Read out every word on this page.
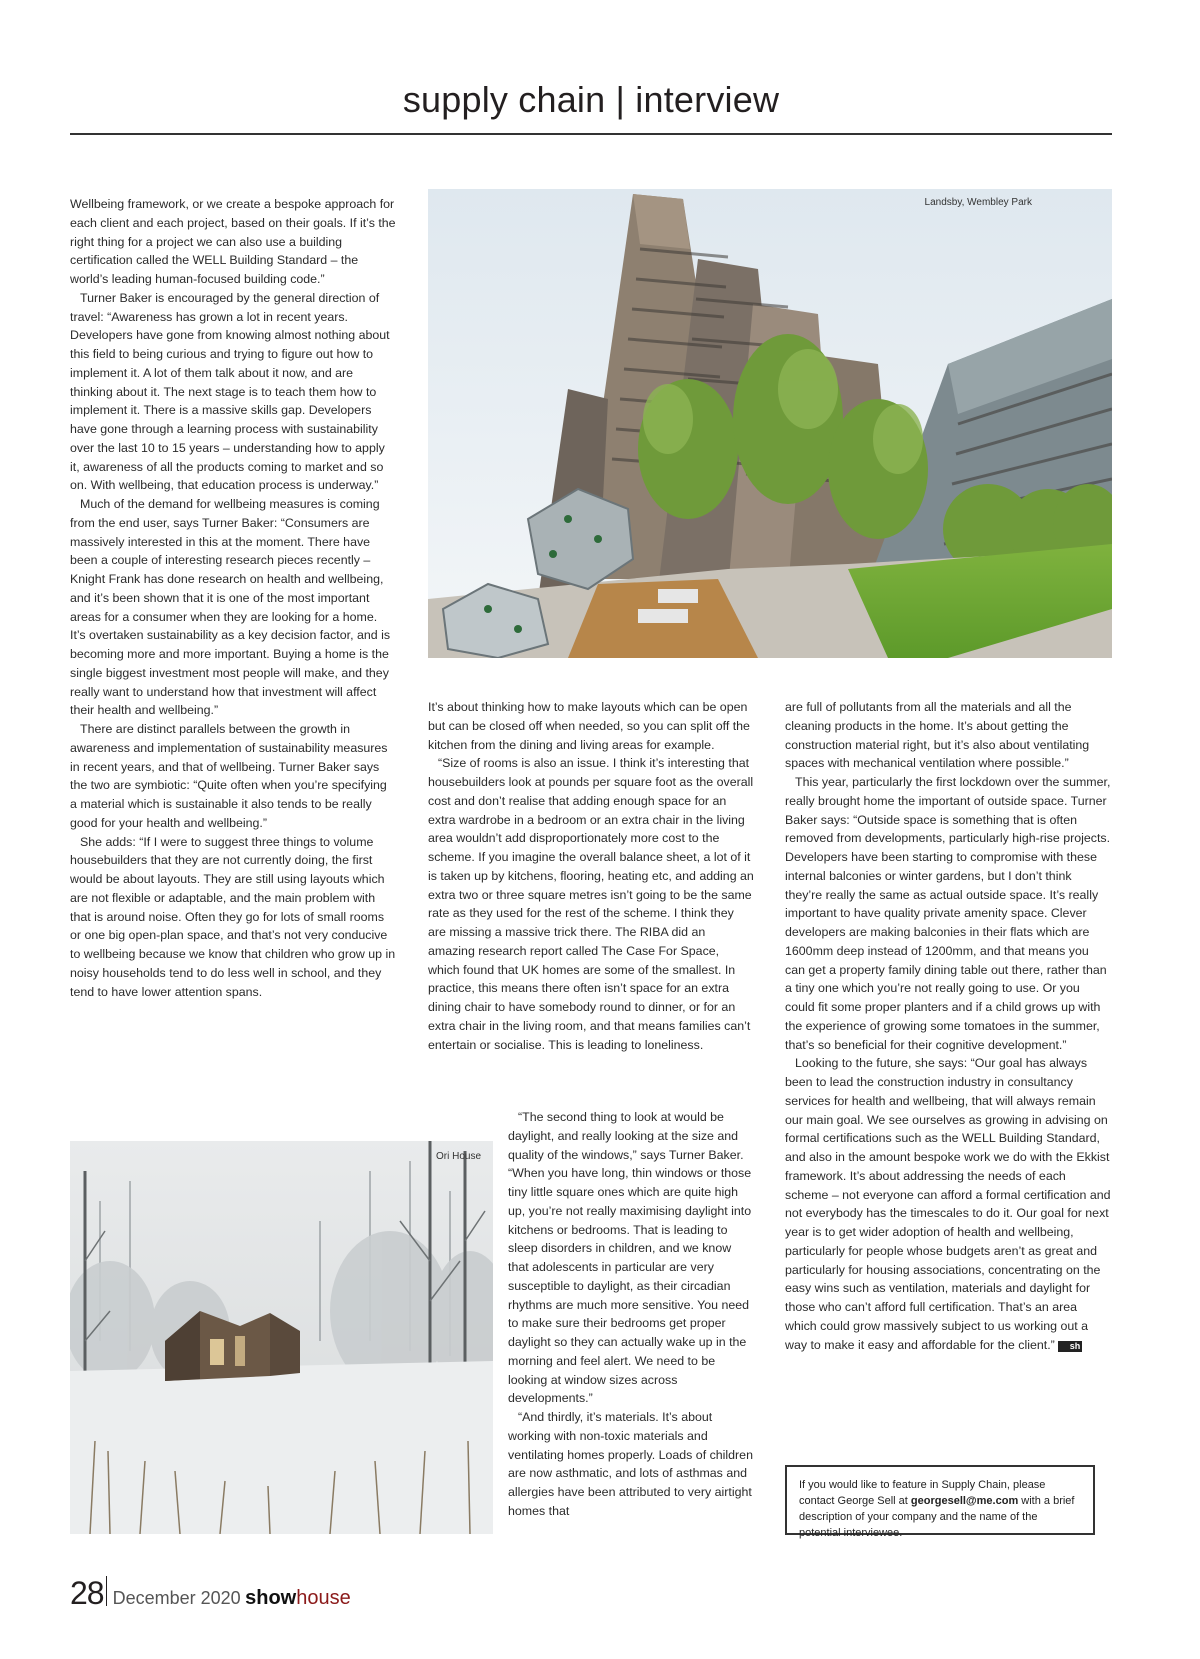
supply chain | interview

Wellbeing framework, or we create a bespoke approach for each client and each project, based on their goals. If it’s the right thing for a project we can also use a building certification called the WELL Building Standard – the world’s leading human-focused building code.”

Turner Baker is encouraged by the general direction of travel: “Awareness has grown a lot in recent years. Developers have gone from knowing almost nothing about this field to being curious and trying to figure out how to implement it. A lot of them talk about it now, and are thinking about it. The next stage is to teach them how to implement it. There is a massive skills gap. Developers have gone through a learning process with sustainability over the last 10 to 15 years – understanding how to apply it, awareness of all the products coming to market and so on. With wellbeing, that education process is underway.”

Much of the demand for wellbeing measures is coming from the end user, says Turner Baker: “Consumers are massively interested in this at the moment. There have been a couple of interesting research pieces recently – Knight Frank has done research on health and wellbeing, and it’s been shown that it is one of the most important areas for a consumer when they are looking for a home. It’s overtaken sustainability as a key decision factor, and is becoming more and more important. Buying a home is the single biggest investment most people will make, and they really want to understand how that investment will affect their health and wellbeing.”

There are distinct parallels between the growth in awareness and implementation of sustainability measures in recent years, and that of wellbeing. Turner Baker says the two are symbiotic: “Quite often when you’re specifying a material which is sustainable it also tends to be really good for your health and wellbeing.”

She adds: “If I were to suggest three things to volume housebuilders that they are not currently doing, the first would be about layouts. They are still using layouts which are not flexible or adaptable, and the main problem with that is around noise. Often they go for lots of small rooms or one big open-plan space, and that’s not very conducive to wellbeing because we know that children who grow up in noisy households tend to do less well in school, and they tend to have lower attention spans.

Landsby, Wembley Park

It’s about thinking how to make layouts which can be open but can be closed off when needed, so you can split off the kitchen from the dining and living areas for example.

“Size of rooms is also an issue. I think it’s interesting that housebuilders look at pounds per square foot as the overall cost and don’t realise that adding enough space for an extra wardrobe in a bedroom or an extra chair in the living area wouldn’t add disproportionately more cost to the scheme. If you imagine the overall balance sheet, a lot of it is taken up by kitchens, flooring, heating etc, and adding an extra two or three square metres isn’t going to be the same rate as they used for the rest of the scheme. I think they are missing a massive trick there. The RIBA did an amazing research report called The Case For Space, which found that UK homes are some of the smallest. In practice, this means there often isn’t space for an extra dining chair to have somebody round to dinner, or for an extra chair in the living room, and that means families can’t entertain or socialise. This is leading to loneliness.

Ori House

“The second thing to look at would be daylight, and really looking at the size and quality of the windows,” says Turner Baker. “When you have long, thin windows or those tiny little square ones which are quite high up, you’re not really maximising daylight into kitchens or bedrooms. That is leading to sleep disorders in children, and we know that adolescents in particular are very susceptible to daylight, as their circadian rhythms are much more sensitive. You need to make sure their bedrooms get proper daylight so they can actually wake up in the morning and feel alert. We need to be looking at window sizes across developments.”

“And thirdly, it’s materials. It’s about working with non-toxic materials and ventilating homes properly. Loads of children are now asthmatic, and lots of asthmas and allergies have been attributed to very airtight homes that

are full of pollutants from all the materials and all the cleaning products in the home. It’s about getting the construction material right, but it’s also about ventilating spaces with mechanical ventilation where possible.”

This year, particularly the first lockdown over the summer, really brought home the important of outside space. Turner Baker says: “Outside space is something that is often removed from developments, particularly high-rise projects. Developers have been starting to compromise with these internal balconies or winter gardens, but I don’t think they’re really the same as actual outside space. It’s really important to have quality private amenity space. Clever developers are making balconies in their flats which are 1600mm deep instead of 1200mm, and that means you can get a property family dining table out there, rather than a tiny one which you’re not really going to use. Or you could fit some proper planters and if a child grows up with the experience of growing some tomatoes in the summer, that’s so beneficial for their cognitive development.”

Looking to the future, she says: “Our goal has always been to lead the construction industry in consultancy services for health and wellbeing, that will always remain our main goal. We see ourselves as growing in advising on formal certifications such as the WELL Building Standard, and also in the amount bespoke work we do with the Ekkist framework. It’s about addressing the needs of each scheme – not everyone can afford a formal certification and not everybody has the timescales to do it. Our goal for next year is to get wider adoption of health and wellbeing, particularly for people whose budgets aren’t as great and particularly for housing associations, concentrating on the easy wins such as ventilation, materials and daylight for those who can’t afford full certification. That’s an area which could grow massively subject to us working out a way to make it easy and affordable for the client.” sh

If you would like to feature in Supply Chain, please contact George Sell at georgesell@me.com with a brief description of your company and the name of the potential interviewee.
28 December 2020 showhouse
